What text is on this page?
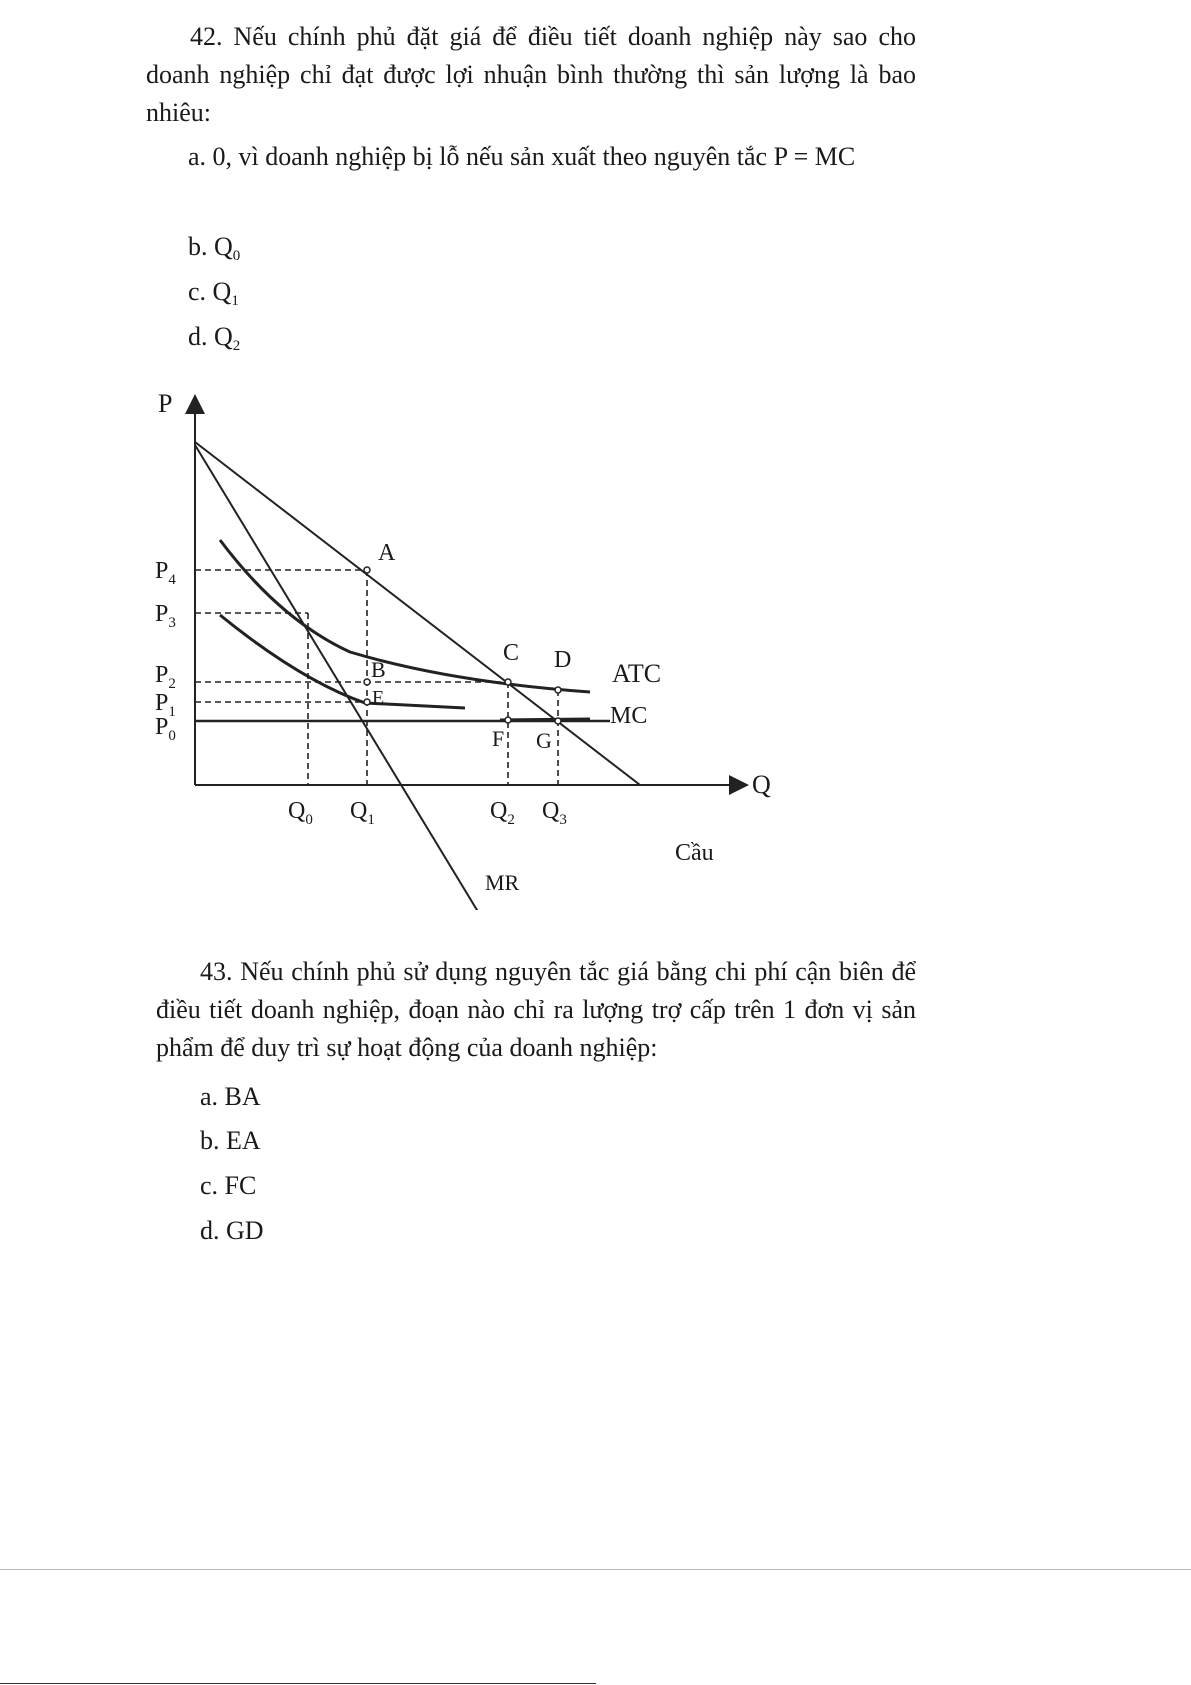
42. Nếu chính phủ đặt giá để điều tiết doanh nghiệp này sao cho doanh nghiệp chỉ đạt được lợi nhuận bình thường thì sản lượng là bao nhiêu:

a. 0, vì doanh nghiệp bị lỗ nếu sản xuất theo nguyên tắc P = MC
b. $Q_0$
c. $Q_1$
d. $Q_2$
P
Q
$P_4$
$P_3$
$P_2$
$P_1$
$P_0$
$Q_0$ $Q_1$	$Q_2$ $Q_3$
A
B
C D
E
F G
ATC
MC
Cầu
MR

43. Nếu chính phủ sử dụng nguyên tắc giá bằng chi phí cận biên để điều tiết doanh nghiệp, đoạn nào chỉ ra lượng trợ cấp trên 1 đơn vị sản phẩm để duy trì sự hoạt động của doanh nghiệp:

a. BA
b. EA
c. FC
d. GD
